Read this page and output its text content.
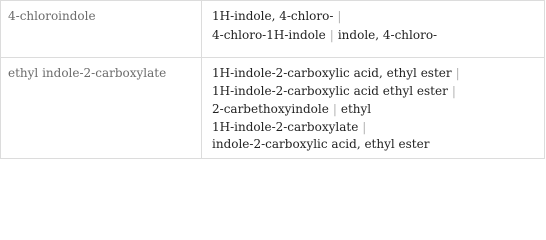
4-chloroindole	1H-indole, 4-chloro- |
4-chloro-1H-indole | indole, 4-chloro-
ethyl indole-2-carboxylate	1H-indole-2-carboxylic acid, ethyl ester |
1H-indole-2-carboxylic acid ethyl ester |
2-carbethoxyindole | ethyl
1H-indole-2-carboxylate |
indole-2-carboxylic acid, ethyl ester
